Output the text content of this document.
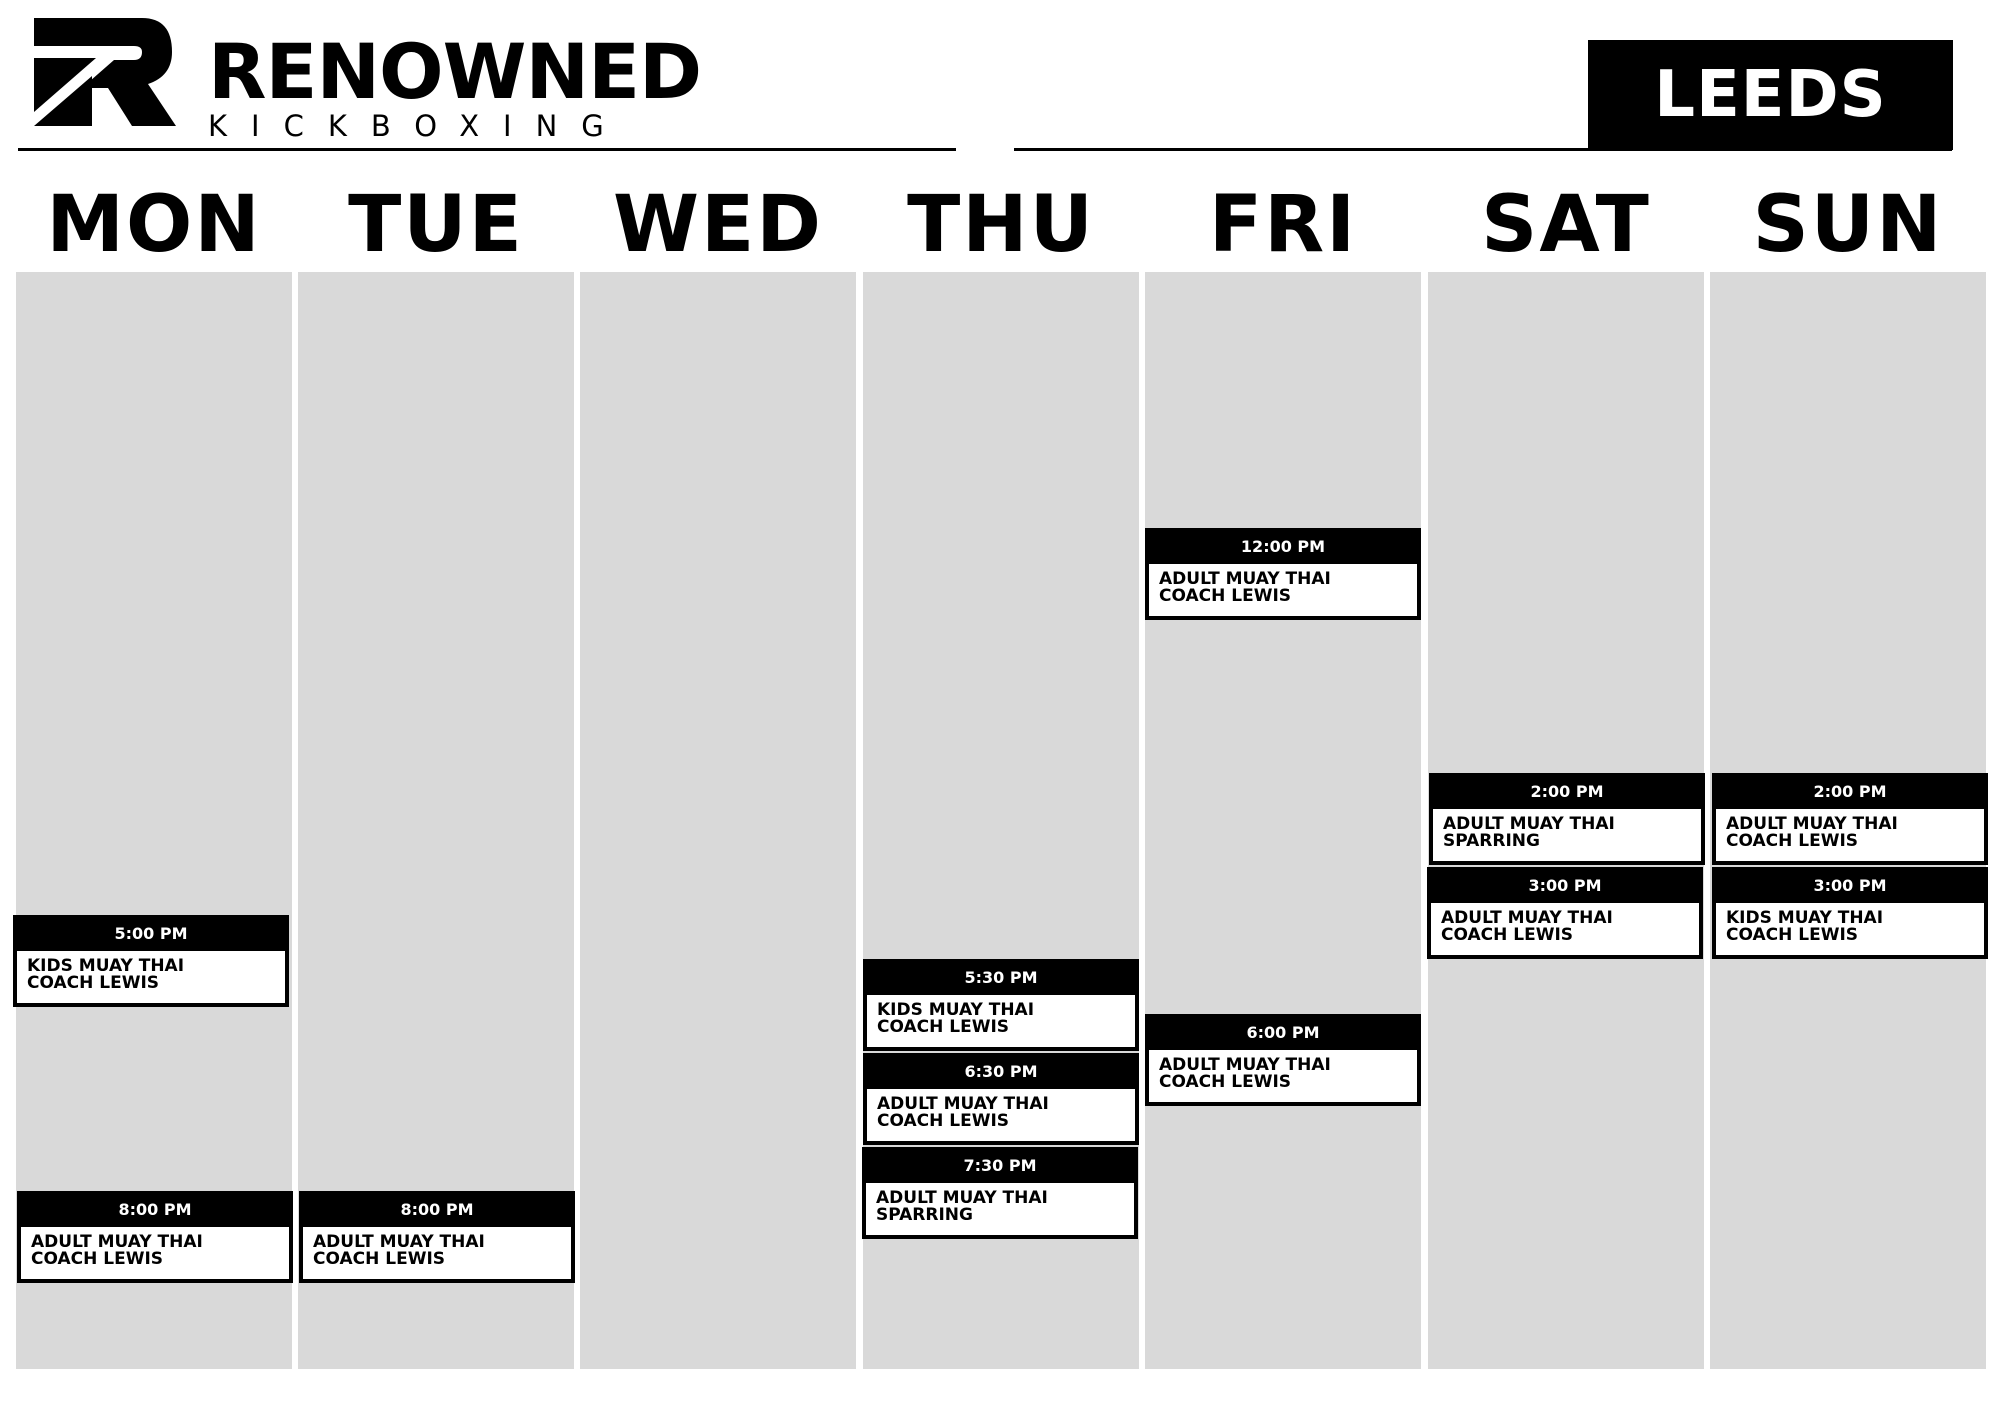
RENOWNED
KICKBOXING	LEEDS
MON
5:00 PM
KIDS MUAY THAI
COACH LEWIS
8:00 PM
ADULT MUAY THAI
COACH LEWIS
TUE
8:00 PM
ADULT MUAY THAI
COACH LEWIS
WED	THU
5:30 PM
KIDS MUAY THAI
COACH LEWIS
6:30 PM
ADULT MUAY THAI
COACH LEWIS
7:30 PM
ADULT MUAY THAI
SPARRING
FRI
12:00 PM
ADULT MUAY THAI
COACH LEWIS
6:00 PM
ADULT MUAY THAI
COACH LEWIS
SAT
2:00 PM
ADULT MUAY THAI
SPARRING
3:00 PM
ADULT MUAY THAI
COACH LEWIS
SUN
2:00 PM
ADULT MUAY THAI
COACH LEWIS
3:00 PM
KIDS MUAY THAI
COACH LEWIS
